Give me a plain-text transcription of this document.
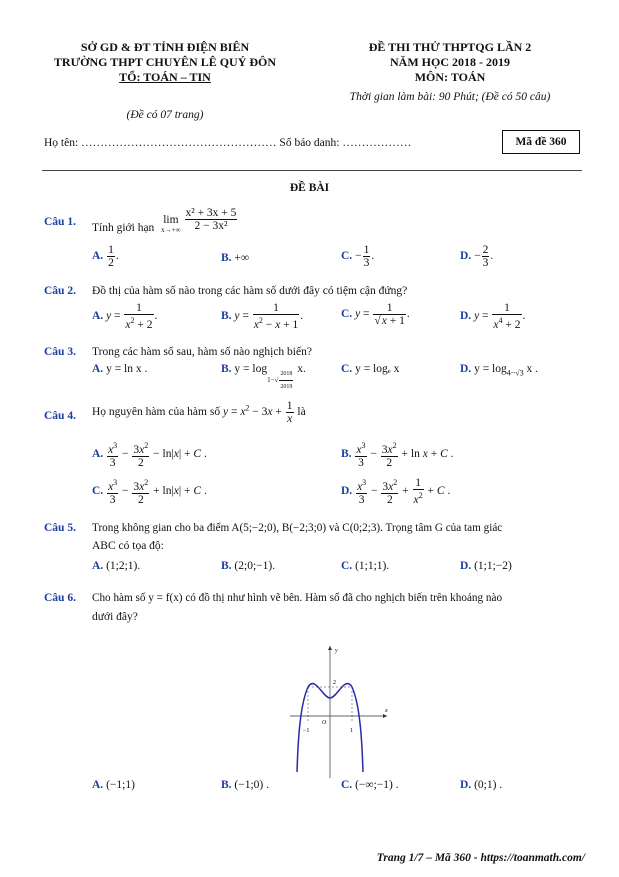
SỞ GD & ĐT TỈNH ĐIỆN BIÊN
TRƯỜNG THPT CHUYÊN LÊ QUÝ ĐÔN
TỔ: TOÁN – TIN
(Đề có 07 trang)
ĐỀ THI THỬ THPTQG LẦN 2
NĂM HỌC 2018 - 2019
MÔN: TOÁN
Thời gian làm bài: 90 Phút; (Đề có 50 câu)
Họ tên: …………………………………………… Số báo danh: ………………	Mã đề 360
ĐỀ BÀI
Câu 1.
Tính giới hạn
lim
x→+∞
$\frac{\text{x² + 3x + 5}}{\text{2 − 3x²}}$
A. $\frac{1}{2}$ .	B. +∞	C. − $\frac{1}{3}$ .	D. − $\frac{2}{3}$ .
Câu 2. Đồ thị của hàm số nào trong các hàm số dưới đây có tiệm cận đứng?
A. $y = \frac{1}{x^2 + 2}$ .	B. $y = \frac{1}{x^2 - x + 1}$ .	C. $y = \frac{1}{√x + 1}$ .	D. $y = \frac{1}{x^4 + 2}$ .
Câu 3. Trong các hàm số sau, hàm số nào nghịch biến?
A. y = ln x .	B. $y = \log 1-√ \frac{2018}{2019} x$.	C. y = logₑ x	D. $y = \log_{4-√3} x$ .
Câu 4. Họ nguyên hàm của hàm số $y = x^2 - 3x + \frac{1}{x}$ là
A. $\frac{x^3}{3} - \frac{3x^2}{2} - \ln|x| + C$ .	B. $\frac{x^3}{3} - \frac{3x^2}{2} + \ln x + C$ .
C. $\frac{x^3}{3} - \frac{3x^2}{2} + \ln|x| + C$ .	D. $\frac{x^3}{3} - \frac{3x^2}{2} + \frac{1}{x^2} + C$ .
Câu 5. Trong không gian cho ba điểm A(5;−2;0), B(−2;3;0) và C(0;2;3). Trọng tâm G của tam giác
ABC có tọa độ:
A. (1;2;1).	B. (2;0;−1).	C. (1;1;1).	D. (1;1;−2)
Câu 6. Cho hàm số y = f(x) có đồ thị như hình vẽ bên. Hàm số đã cho nghịch biến trên khoảng nào
dưới đây?
y
x
O
−1	1
2
A. (−1;1)	B. (−1;0) .	C. (−∞;−1) .	D. (0;1) .
Trang 1/7 – Mã 360 - https://toanmath.com/
